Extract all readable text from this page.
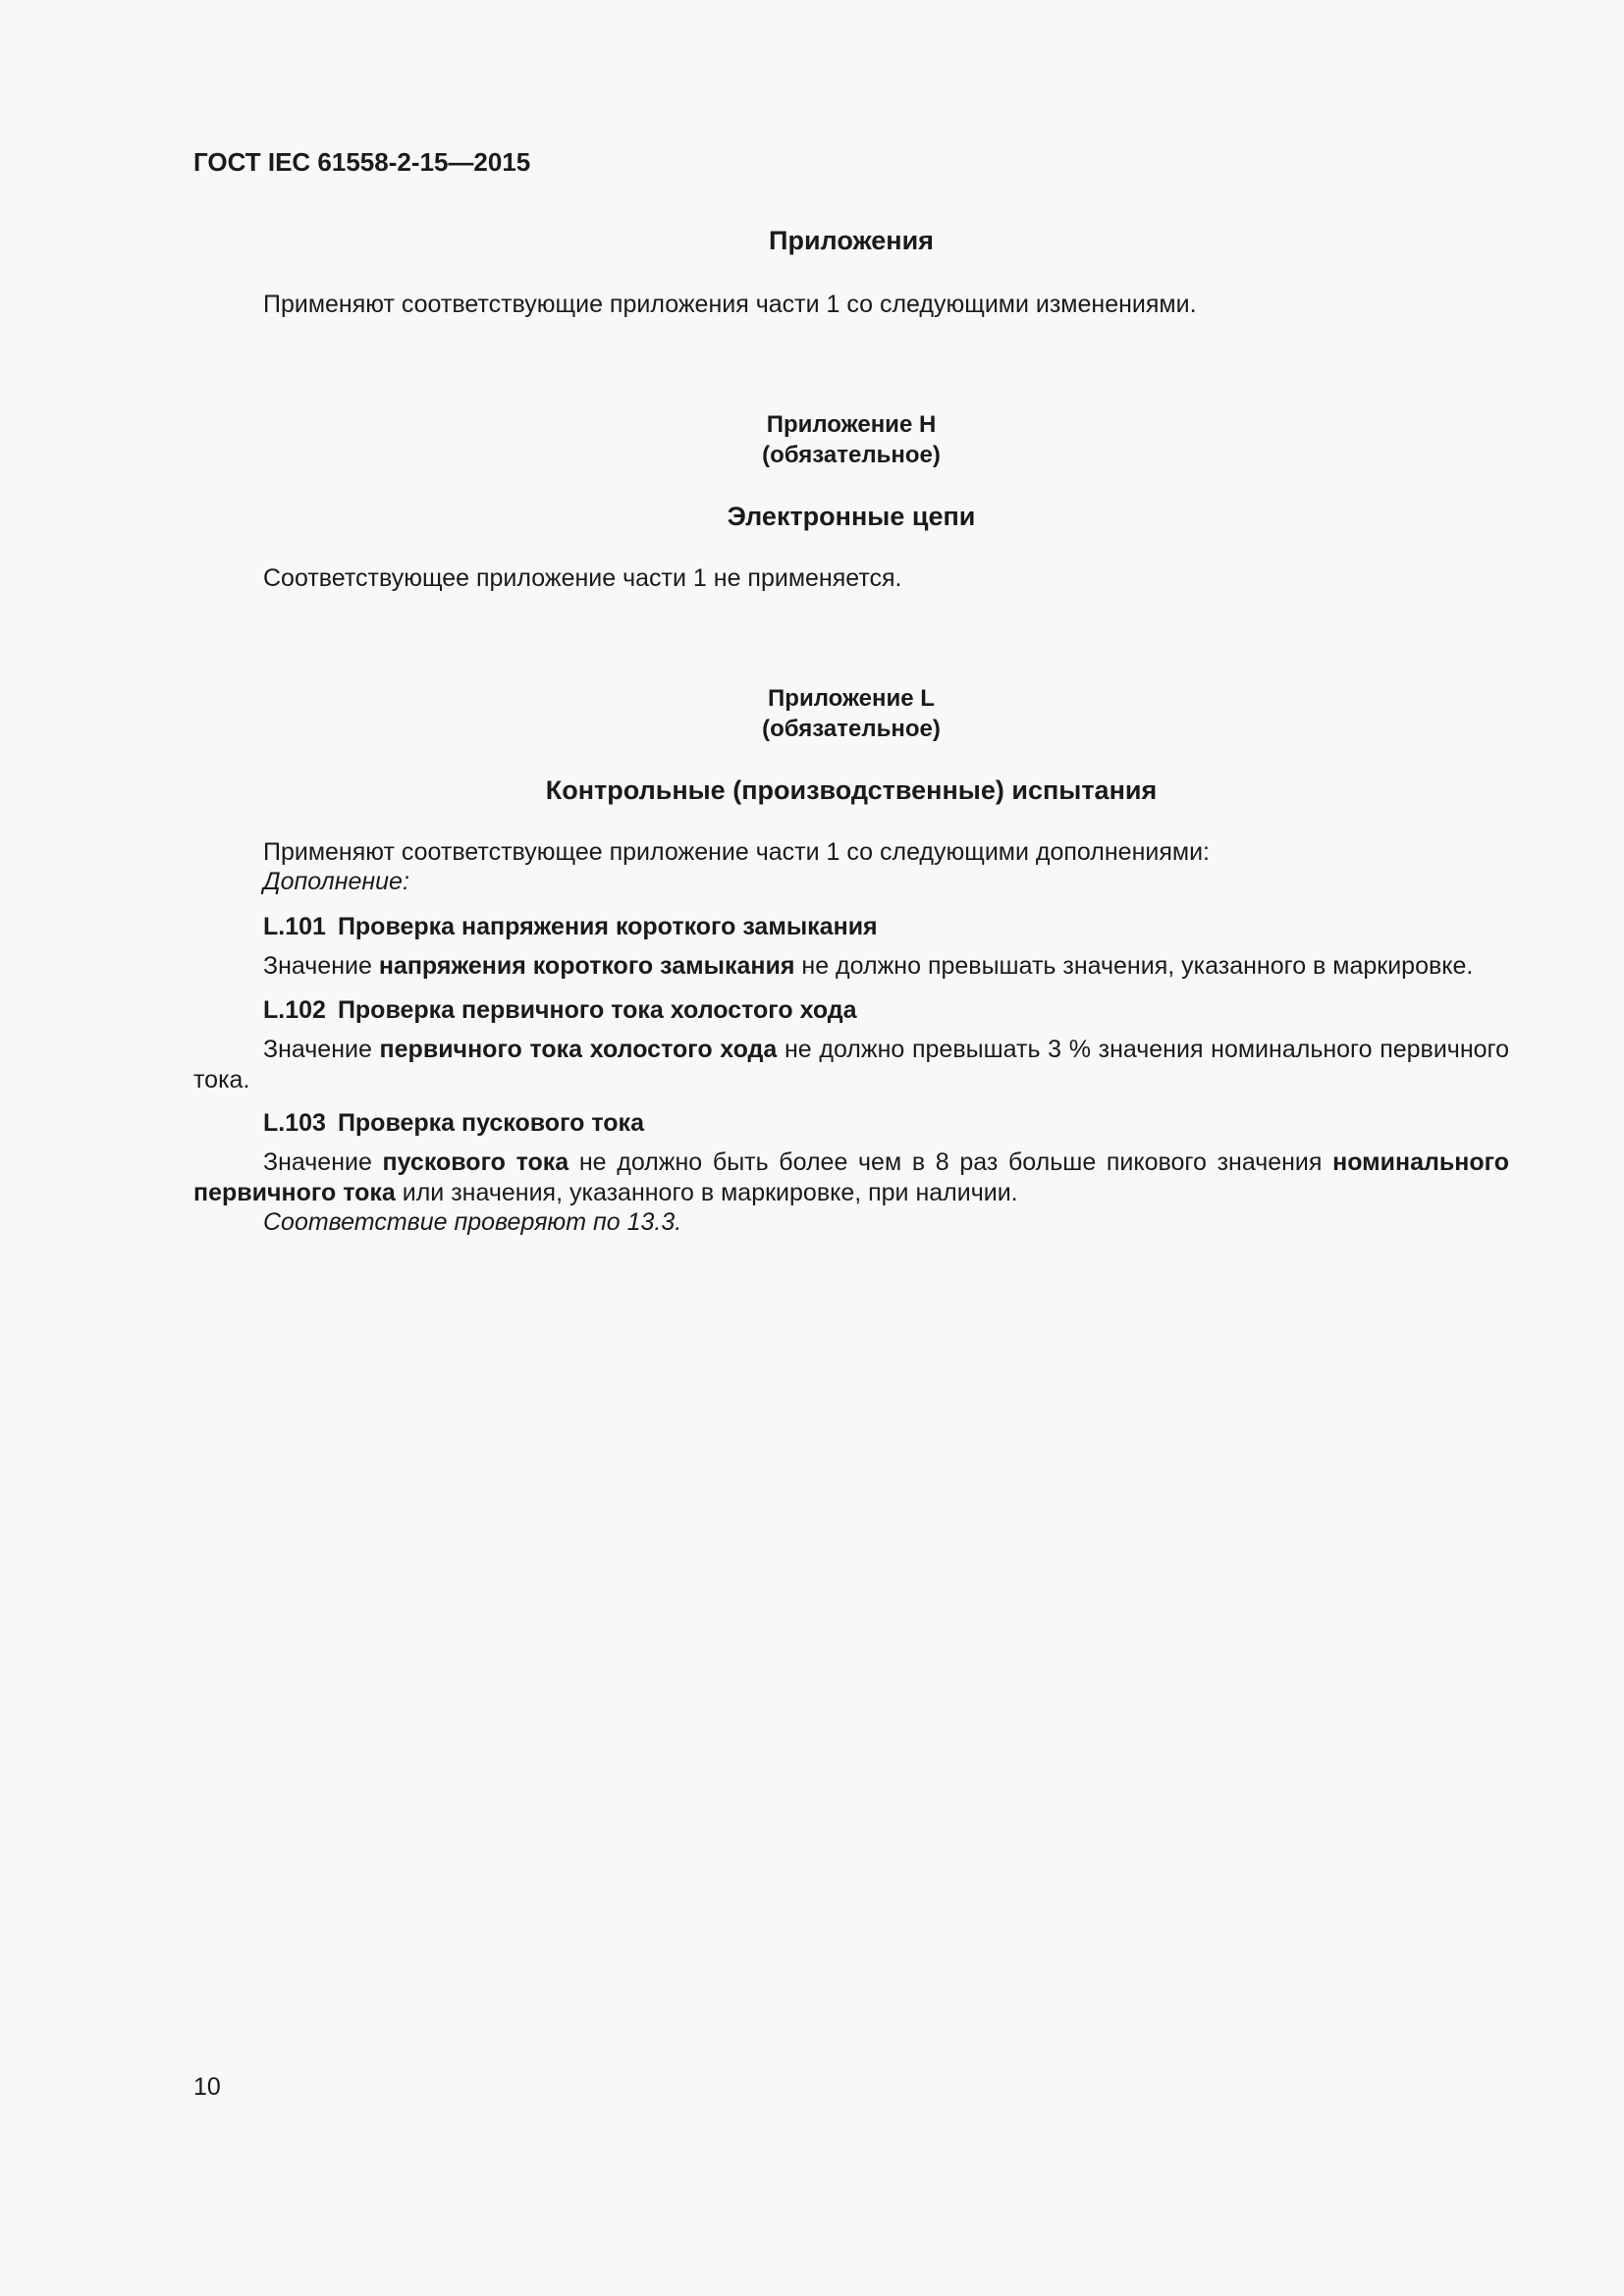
ГОСТ IEC 61558-2-15—2015
Приложения
Применяют соответствующие приложения части 1 со следующими изменениями.
Приложение Н
(обязательное)
Электронные цепи
Соответствующее приложение части 1 не применяется.
Приложение L
(обязательное)
Контрольные (производственные) испытания
Применяют соответствующее приложение части 1 со следующими дополнениями:
Дополнение:
L.101 Проверка напряжения короткого замыкания
Значение напряжения короткого замыкания не должно превышать значения, указанного в маркировке.
L.102 Проверка первичного тока холостого хода
Значение первичного тока холостого хода не должно превышать 3 % значения номинального первичного тока.
L.103 Проверка пускового тока
Значение пускового тока не должно быть более чем в 8 раз больше пикового значения номинального первичного тока или значения, указанного в маркировке, при наличии.
Соответствие проверяют по 13.3.
10
